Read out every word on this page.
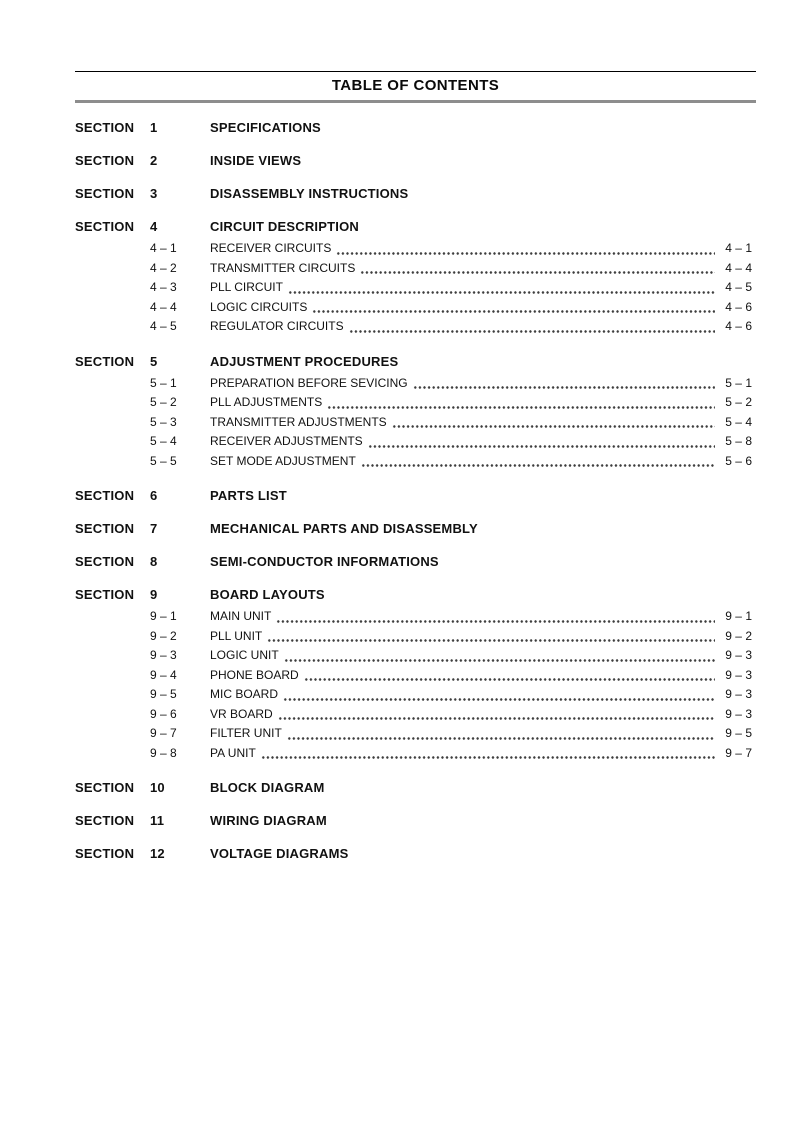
TABLE OF CONTENTS
SECTION	1	SPECIFICATIONS
SECTION	2	INSIDE VIEWS
SECTION	3	DISASSEMBLY INSTRUCTIONS
SECTION	4	CIRCUIT DESCRIPTION
4 – 1	RECEIVER CIRCUITS	4 – 1
4 – 2	TRANSMITTER CIRCUITS	4 – 4
4 – 3	PLL CIRCUIT	4 – 5
4 – 4	LOGIC CIRCUITS	4 – 6
4 – 5	REGULATOR CIRCUITS	4 – 6
SECTION	5	ADJUSTMENT PROCEDURES
5 – 1	PREPARATION BEFORE SEVICING	5 – 1
5 – 2	PLL ADJUSTMENTS	5 – 2
5 – 3	TRANSMITTER ADJUSTMENTS	5 – 4
5 – 4	RECEIVER ADJUSTMENTS	5 – 8
5 – 5	SET MODE ADJUSTMENT	5 – 6
SECTION	6	PARTS LIST
SECTION	7	MECHANICAL PARTS AND DISASSEMBLY
SECTION	8	SEMI-CONDUCTOR INFORMATIONS
SECTION	9	BOARD LAYOUTS
9 – 1	MAIN UNIT	9 – 1
9 – 2	PLL UNIT	9 – 2
9 – 3	LOGIC UNIT	9 – 3
9 – 4	PHONE BOARD	9 – 3
9 – 5	MIC BOARD	9 – 3
9 – 6	VR BOARD	9 – 3
9 – 7	FILTER UNIT	9 – 5
9 – 8	PA UNIT	9 – 7
SECTION	10	BLOCK DIAGRAM
SECTION	11	WIRING DIAGRAM
SECTION	12	VOLTAGE DIAGRAMS
